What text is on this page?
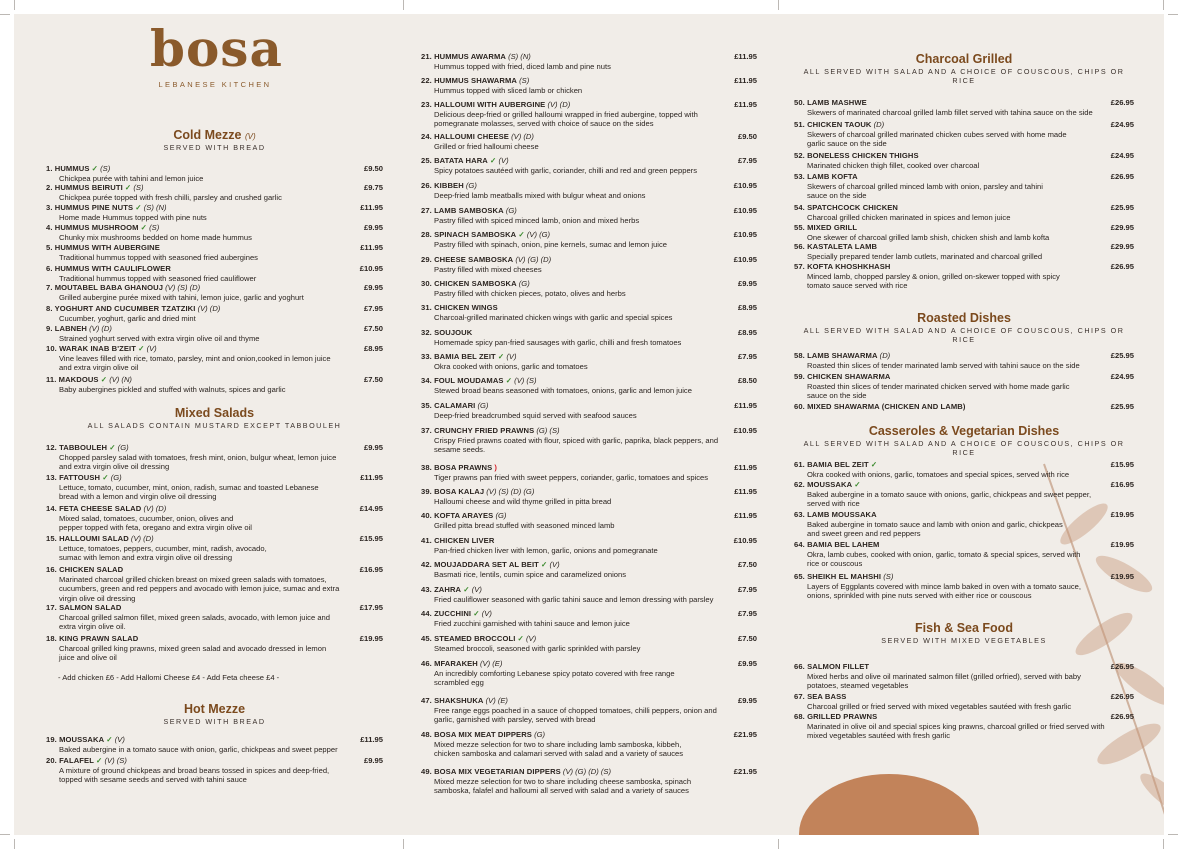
bosa
LEBANESE KITCHEN
Cold Mezze (V)
SERVED WITH BREAD
Mixed Salads
ALL SALADS CONTAIN MUSTARD EXCEPT TABBOULEH
Hot Mezze
SERVED WITH BREAD
Charcoal Grilled
ALL SERVED WITH SALAD AND A CHOICE OF COUSCOUS, CHIPS OR RICE
Roasted Dishes
ALL SERVED WITH SALAD AND A CHOICE OF COUSCOUS, CHIPS OR RICE
Casseroles & Vegetarian Dishes
ALL SERVED WITH SALAD AND A CHOICE OF COUSCOUS, CHIPS OR RICE
Fish & Sea Food
SERVED WITH MIXED VEGETABLES
- Add chicken £6 - Add Hallomi Cheese £4 - Add Feta cheese £4 -
1. HUMMUS ✓ (S)	£9.50
Chickpea purée with tahini and lemon juice
2. HUMMUS BEIRUTI ✓ (S)	£9.75
Chickpea purée topped with fresh chilli, parsley and crushed garlic
3. HUMMUS PINE NUTS ✓ (S) (N)	£11.95
Home made Hummus topped with pine nuts
4. HUMMUS MUSHROOM ✓ (S)	£9.95
Chunky mix mushrooms bedded on home made hummus
5. HUMMUS WITH AUBERGINE	£11.95
Traditional hummus topped with seasoned fried aubergines
6. HUMMUS WITH CAULIFLOWER	£10.95
Traditional hummus topped with seasoned fried cauliflower
7. MOUTABEL BABA GHANOUJ (V) (S) (D)	£9.95
Grilled aubergine purée mixed with tahini, lemon juice, garlic and yoghurt
8. YOGHURT AND CUCUMBER TZATZIKI (V) (D)	£7.95
Cucumber, yoghurt, garlic and dried mint
9. LABNEH (V) (D)	£7.50
Strained yoghurt served with extra virgin olive oil and thyme
10. WARAK INAB B'ZEIT ✓ (V)	£8.95
Vine leaves filled with rice, tomato, parsley, mint and onion,cooked in lemon juice
and extra virgin olive oil
11. MAKDOUS ✓ (V) (N)	£7.50
Baby aubergines pickled and stuffed with walnuts, spices and garlic
12. TABBOULEH ✓ (G)	£9.95
Chopped parsley salad with tomatoes, fresh mint, onion, bulgur wheat, lemon juice
and extra virgin olive oil dressing
13. FATTOUSH ✓ (G)	£11.95
Lettuce, tomato, cucumber, mint, onion, radish, sumac and toasted Lebanese
bread with a lemon and virgin olive oil dressing
14. FETA CHEESE SALAD (V) (D)	£14.95
Mixed salad, tomatoes, cucumber, onion, olives and
pepper topped with feta, oregano and extra virgin olive oil
15. HALLOUMI SALAD (V) (D)	£15.95
Lettuce, tomatoes, peppers, cucumber, mint, radish, avocado,
sumac with lemon and extra virgin olive oil dressing
16. CHICKEN SALAD	£16.95
Marinated charcoal grilled chicken breast on mixed green salads with tomatoes,
cucumbers, green and red peppers and avocado with lemon juice, sumac and extra
virgin olive oil dressing
17. SALMON SALAD	£17.95
Charcoal grilled salmon fillet, mixed green salads, avocado, with lemon juice and
extra virgin olive oil.
18. KING PRAWN SALAD	£19.95
Charcoal grilled king prawns, mixed green salad and avocado dressed in lemon
juice and olive oil
19. MOUSSAKA ✓ (V)	£11.95
Baked aubergine in a tomato sauce with onion, garlic, chickpeas and sweet pepper
20. FALAFEL ✓ (V) (S)	£9.95
A mixture of ground chickpeas and broad beans tossed in spices and deep-fried,
topped with sesame seeds and served with tahini sauce
21. HUMMUS AWARMA (S) (N)	£11.95
Hummus topped with fried, diced lamb and pine nuts
22. HUMMUS SHAWARMA (S)	£11.95
Hummus topped with sliced lamb or chicken
23. HALLOUMI WITH AUBERGINE (V) (D)	£11.95
Delicious deep-fried or grilled halloumi wrapped in fried aubergine, topped with
pomegranate molasses, served with choice of sauce on the sides
24. HALLOUMI CHEESE (V) (D)	£9.50
Grilled or fried halloumi cheese
25. BATATA HARA ✓ (V)	£7.95
Spicy potatoes sautéed with garlic, coriander, chilli and red and green peppers
26. KIBBEH (G)	£10.95
Deep-fried lamb meatballs mixed with bulgur wheat and onions
27. LAMB SAMBOSKA (G)	£10.95
Pastry filled with spiced minced lamb, onion and mixed herbs
28. SPINACH SAMBOSKA ✓ (V) (G)	£10.95
Pastry filled with spinach, onion, pine kernels, sumac and lemon juice
29. CHEESE SAMBOSKA (V) (G) (D)	£10.95
Pastry filled with mixed cheeses
30. CHICKEN SAMBOSKA (G)	£9.95
Pastry filled with chicken pieces, potato, olives and herbs
31. CHICKEN WINGS	£8.95
Charcoal-grilled marinated chicken wings with garlic and special spices
32. SOUJOUK	£8.95
Homemade spicy pan-fried sausages with garlic, chilli and fresh tomatoes
33. BAMIA BEL ZEIT ✓ (V)	£7.95
Okra cooked with onions, garlic and tomatoes
34. FOUL MOUDAMAS ✓ (V) (S)	£8.50
Stewed broad beans seasoned with tomatoes, onions, garlic and lemon juice
35. CALAMARI (G)	£11.95
Deep-fried breadcrumbed squid served with seafood sauces
37. CRUNCHY FRIED PRAWNS (G) (S)	£10.95
Crispy Fried prawns coated with flour, spiced with garlic, paprika, black peppers, and
sesame seeds.
38. BOSA PRAWNS )	£11.95
Tiger prawns pan fried with sweet peppers, coriander, garlic, tomatoes and spices
39. BOSA KALAJ (V) (S) (D) (G)	£11.95
Halloumi cheese and wild thyme grilled in pitta bread
40. KOFTA ARAYES (G)	£11.95
Grilled pitta bread stuffed with seasoned minced lamb
41. CHICKEN LIVER	£10.95
Pan-fried chicken liver with lemon, garlic, onions and pomegranate
42. MOUJADDARA SET AL BEIT ✓ (V)	£7.50
Basmati rice, lentils, cumin spice and caramelized onions
43. ZAHRA ✓ (V)	£7.95
Fried cauliflower seasoned with garlic tahini sauce and lemon dressing with parsley
44. ZUCCHINI ✓ (V)	£7.95
Fried zucchini garnished with tahini sauce and lemon juice
45. STEAMED BROCCOLI ✓ (V)	£7.50
Steamed broccoli, seasoned with garlic sprinkled with parsley
46. MFARAKEH (V) (E)	£9.95
An incredibly comforting Lebanese spicy potato covered with free range
scrambled egg
47. SHAKSHUKA (V) (E)	£9.95
Free range eggs poached in a sauce of chopped tomatoes, chilli peppers, onion and
garlic, garnished with parsley, served with bread
48. BOSA MIX MEAT DIPPERS (G)	£21.95
Mixed mezze selection for two to share including lamb samboska, kibbeh,
chicken samboska and calamari served with salad and a variety of sauces
49. BOSA MIX VEGETARIAN DIPPERS (V) (G) (D) (S)	£21.95
Mixed mezze selection for two to share including cheese samboska, spinach
samboska, falafel and halloumi all served with salad and a variety of sauces
50. LAMB MASHWE	£26.95
Skewers of marinated charcoal grilled lamb fillet served with tahina sauce on the side
51. CHICKEN TAOUK (D)	£24.95
Skewers of charcoal grilled marinated chicken cubes served with home made
garlic sauce on the side
52. BONELESS CHICKEN THIGHS	£24.95
Marinated chicken thigh fillet, cooked over charcoal
53. LAMB KOFTA	£26.95
Skewers of charcoal grilled minced lamb with onion, parsley and tahini
sauce on the side
54. SPATCHCOCK CHICKEN	£25.95
Charcoal grilled chicken marinated in spices and lemon juice
55. MIXED GRILL	£29.95
One skewer of charcoal grilled lamb shish, chicken shish and lamb kofta
56. KASTALETA LAMB	£29.95
Specially prepared tender lamb cutlets, marinated and charcoal grilled
57. KOFTA KHOSHKHASH	£26.95
Minced lamb, chopped parsley & onion, grilled on-skewer topped with spicy
tomato sauce served with rice
58. LAMB SHAWARMA (D)	£25.95
Roasted thin slices of tender marinated lamb served with tahini sauce on the side
59. CHICKEN SHAWARMA	£24.95
Roasted thin slices of tender marinated chicken served with home made garlic
sauce on the side
60. MIXED SHAWARMA (CHICKEN AND LAMB)	£25.95
61. BAMIA BEL ZEIT ✓	£15.95
Okra cooked with onions, garlic, tomatoes and special spices, served with rice
62. MOUSSAKA ✓	£16.95
Baked aubergine in a tomato sauce with onions, garlic, chickpeas and sweet pepper,
served with rice
63. LAMB MOUSSAKA	£19.95
Baked aubergine in tomato sauce and lamb with onion and garlic, chickpeas
and sweet green and red peppers
64. BAMIA BEL LAHEM	£19.95
Okra, lamb cubes, cooked with onion, garlic, tomato & special spices, served with
rice or couscous
65. SHEIKH EL MAHSHI (S)	£19.95
Layers of Eggplants covered with mince lamb baked in oven with a tomato sauce,
onions, sprinkled with pine nuts served with either rice or couscous
66. SALMON FILLET	£26.95
Mixed herbs and olive oil marinated salmon fillet (grilled orfried), served with baby
potatoes, steamed vegetables
67. SEA BASS	£26.95
Charcoal grilled or fried served with mixed vegetables sautéed with fresh garlic
68. GRILLED PRAWNS	£26.95
Marinated in olive oil and special spices king prawns, charcoal grilled or fried served with
mixed vegetables sautéed with fresh garlic
